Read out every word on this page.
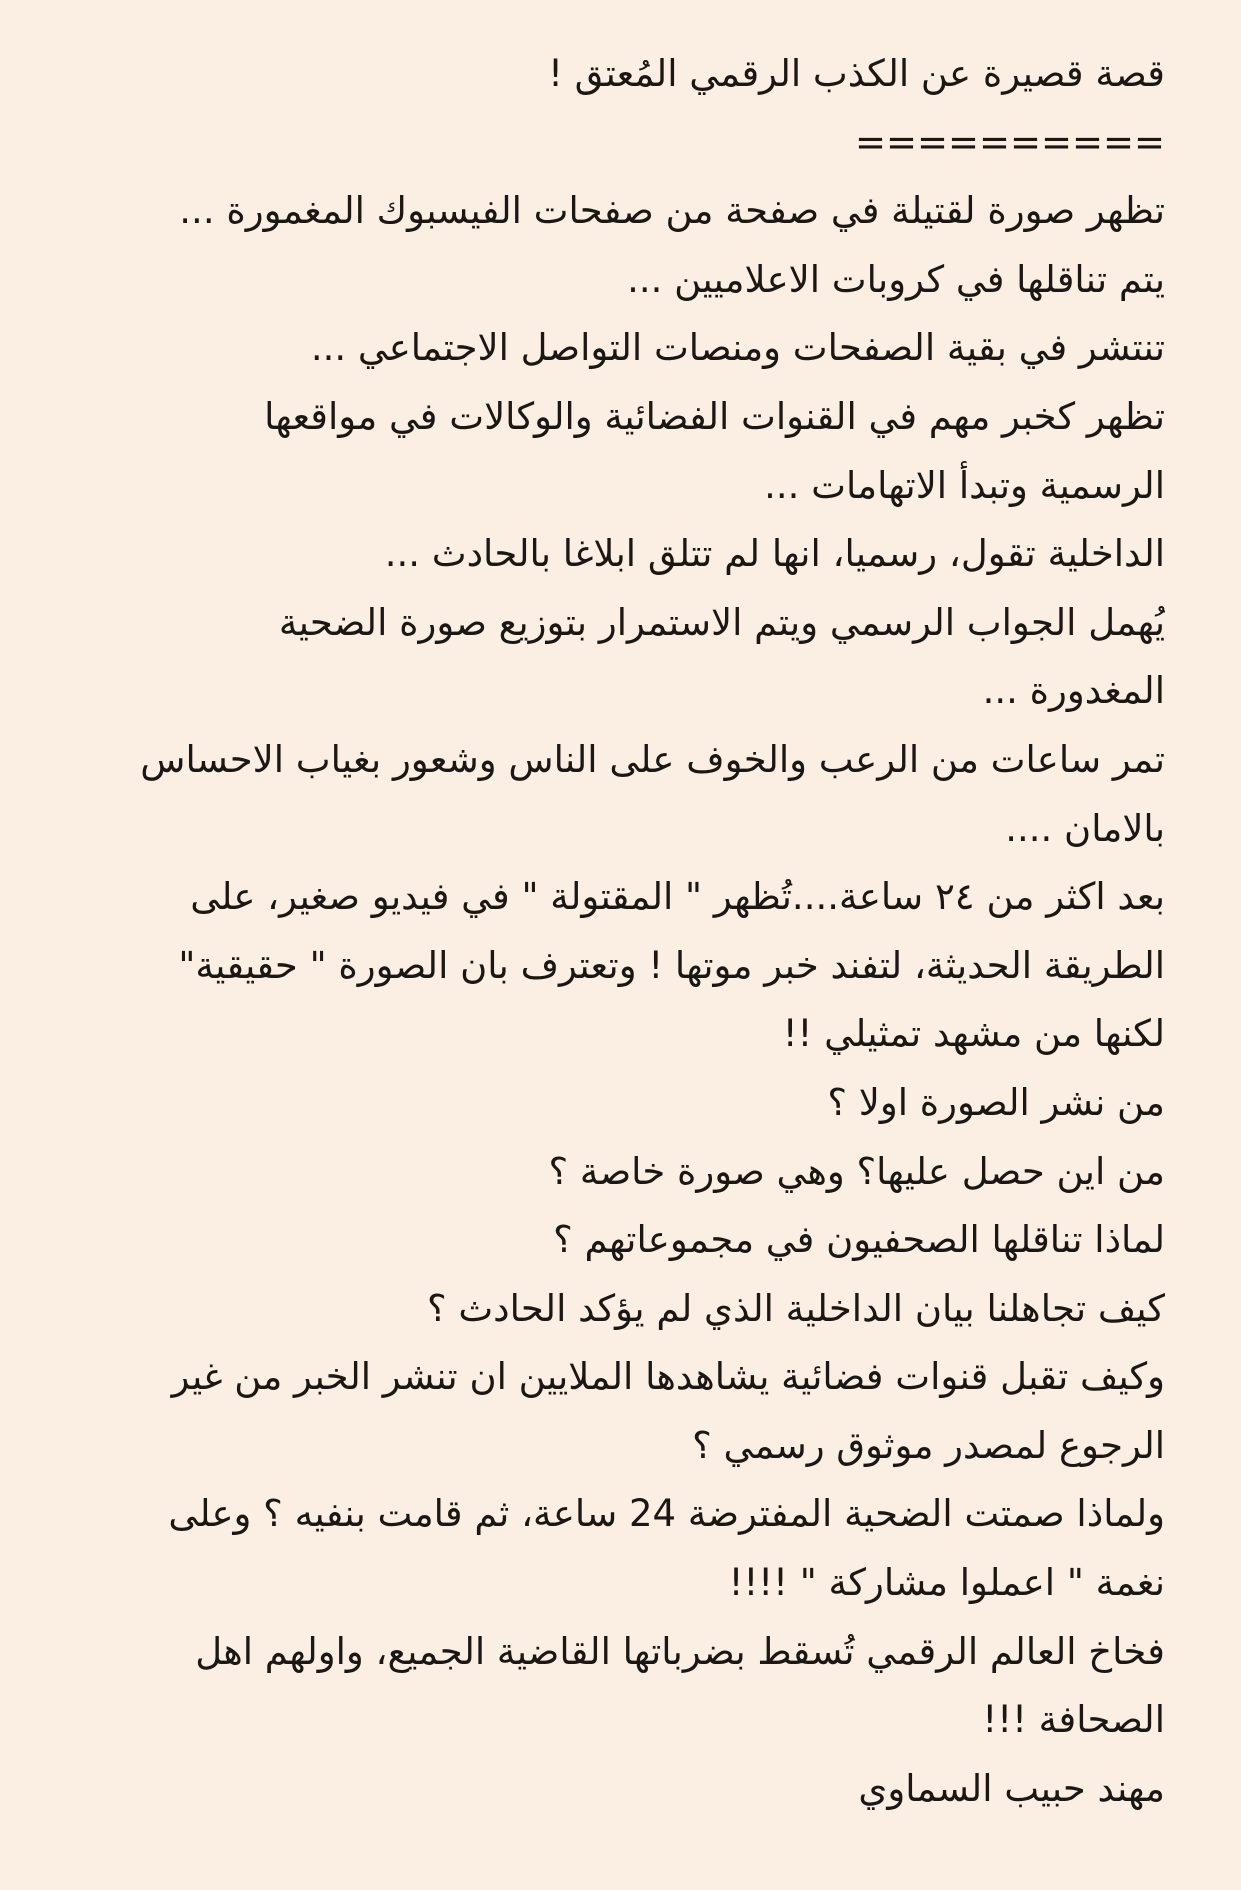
قصة قصيرة عن الكذب الرقمي المُعتق !
==========
تظهر صورة لقتيلة في صفحة من صفحات الفيسبوك المغمورة ...
يتم تناقلها في كروبات الاعلاميين ...
تنتشر في بقية الصفحات ومنصات التواصل الاجتماعي ...
تظهر كخبر مهم في القنوات الفضائية والوكالات في مواقعها
الرسمية وتبدأ الاتهامات ...
الداخلية تقول، رسميا، انها لم تتلق ابلاغا بالحادث ...
يُهمل الجواب الرسمي ويتم الاستمرار بتوزيع صورة الضحية
المغدورة ...
تمر ساعات من الرعب والخوف على الناس وشعور بغياب الاحساس
بالامان ....
بعد اكثر من ٢٤ ساعة....تُظهر " المقتولة " في فيديو صغير، على
الطريقة الحديثة، لتفند خبر موتها ! وتعترف بان الصورة " حقيقية"
لكنها من مشهد تمثيلي !!
من نشر الصورة اولا ؟
من اين حصل عليها؟ وهي صورة خاصة ؟
لماذا تناقلها الصحفيون في مجموعاتهم ؟
كيف تجاهلنا بيان الداخلية الذي لم يؤكد الحادث ؟
وكيف تقبل قنوات فضائية يشاهدها الملايين ان تنشر الخبر من غير
الرجوع لمصدر موثوق رسمي ؟
ولماذا صمتت الضحية المفترضة 24 ساعة، ثم قامت بنفيه ؟ وعلى
نغمة " اعملوا مشاركة " !!!!
فخاخ العالم الرقمي تُسقط بضرباتها القاضية الجميع، واولهم اهل
الصحافة !!!
مهند حبيب السماوي
